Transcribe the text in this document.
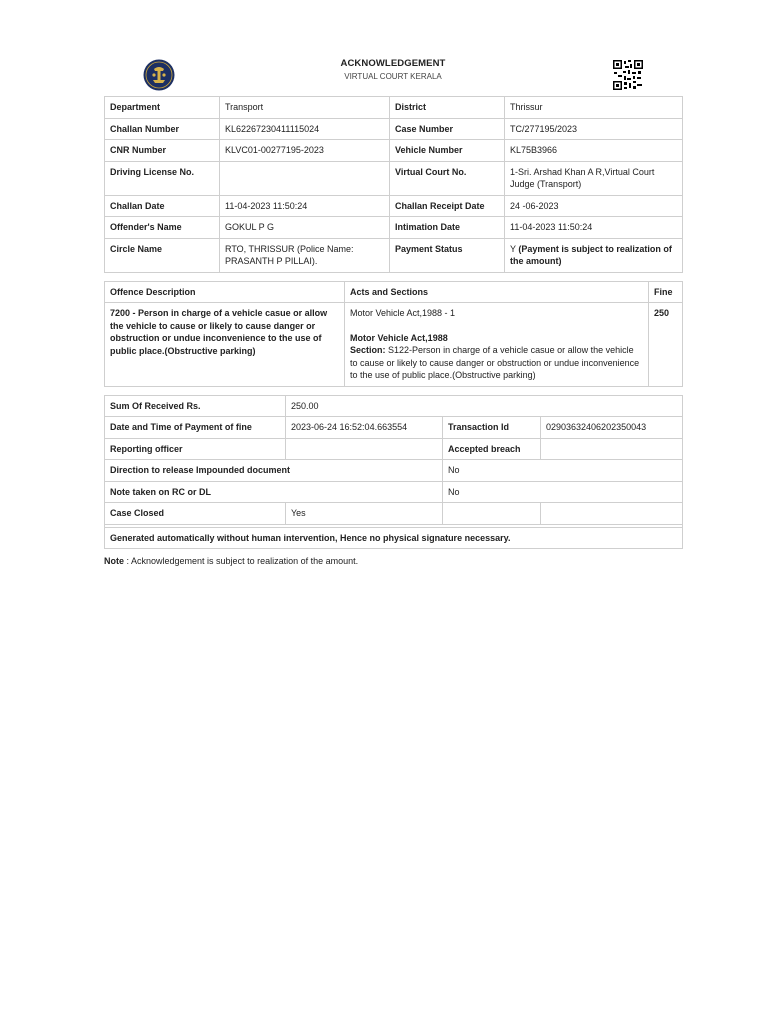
ACKNOWLEDGEMENT
VIRTUAL COURT KERALA
Department	Transport	District	Thrissur
Challan Number	KL62267230411115024	Case Number	TC/277195/2023
CNR Number	KLVC01-00277195-2023	Vehicle Number	KL75B3966
Driving License No.		Virtual Court No.	1-Sri. Arshad Khan A R,Virtual Court Judge (Transport)
Challan Date	11-04-2023 11:50:24	Challan Receipt Date	24 -06-2023
Offender's Name	GOKUL P G	Intimation Date	11-04-2023 11:50:24
Circle Name	RTO, THRISSUR (Police Name: PRASANTH P PILLAI).	Payment Status	Y (Payment is subject to realization of the amount)
Offence Description	Acts and Sections	Fine
7200 - Person in charge of a vehicle casue or allow the vehicle to cause or likely to cause danger or obstruction or undue inconvenience to the use of public place.(Obstructive parking)	Motor Vehicle Act,1988 - 1
Motor Vehicle Act,1988
Section: S122-Person in charge of a vehicle casue or allow the vehicle to cause or likely to cause danger or obstruction or undue inconvenience to the use of public place.(Obstructive parking)	250
Sum Of Received Rs.	250.00		
Date and Time of Payment of fine	2023-06-24 16:52:04.663554	Transaction Id	02903632406202350043
Reporting officer		Accepted breach	
Direction to release Impounded document		No	
Note taken on RC or DL		No	
Case Closed	Yes		

Generated automatically without human intervention, Hence no physical signature necessary.			
Note : Acknowledgement is subject to realization of the amount.
